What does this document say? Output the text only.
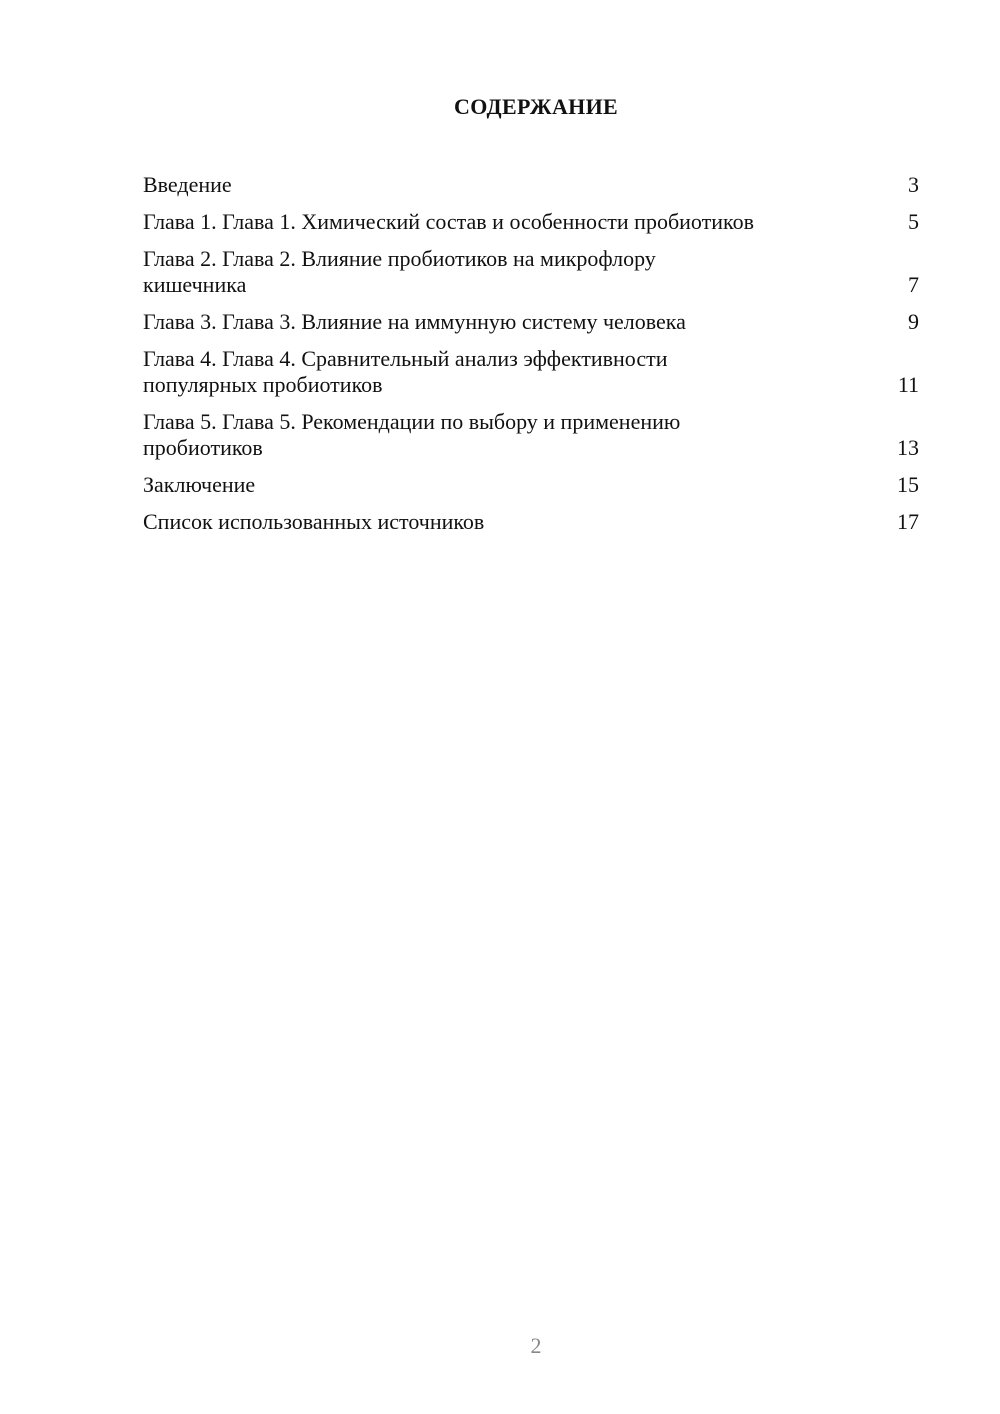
СОДЕРЖАНИЕ
Введение	3
Глава 1. Глава 1. Химический состав и особенности пробиотиков	5
Глава 2. Глава 2. Влияние пробиотиков на микрофлору кишечника	7
Глава 3. Глава 3. Влияние на иммунную систему человека	9
Глава 4. Глава 4. Сравнительный анализ эффективности популярных пробиотиков	11
Глава 5. Глава 5. Рекомендации по выбору и применению пробиотиков	13
Заключение	15
Список использованных источников	17
2
